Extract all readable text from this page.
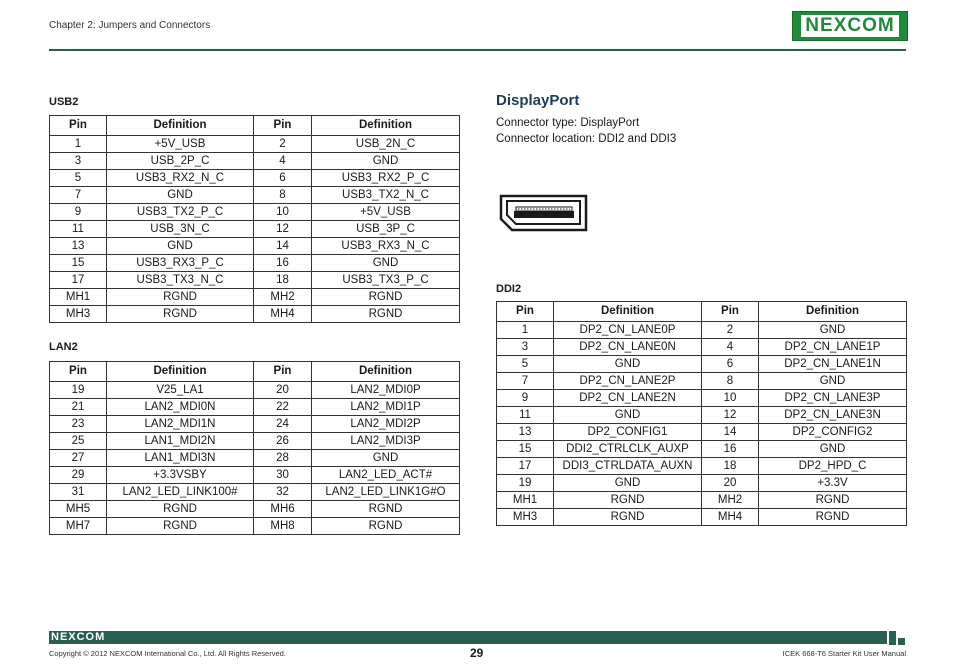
Chapter 2: Jumpers and Connectors	NEXCOM
USB2
Pin	Definition	Pin	Definition
1	+5V_USB	2	USB_2N_C
3	USB_2P_C	4	GND
5	USB3_RX2_N_C	6	USB3_RX2_P_C
7	GND	8	USB3_TX2_N_C
9	USB3_TX2_P_C	10	+5V_USB
11	USB_3N_C	12	USB_3P_C
13	GND	14	USB3_RX3_N_C
15	USB3_RX3_P_C	16	GND
17	USB3_TX3_N_C	18	USB3_TX3_P_C
MH1	RGND	MH2	RGND
MH3	RGND	MH4	RGND
LAN2
Pin	Definition	Pin	Definition
19	V25_LA1	20	LAN2_MDI0P
21	LAN2_MDI0N	22	LAN2_MDI1P
23	LAN2_MDI1N	24	LAN2_MDI2P
25	LAN1_MDI2N	26	LAN2_MDI3P
27	LAN1_MDI3N	28	GND
29	+3.3VSBY	30	LAN2_LED_ACT#
31	LAN2_LED_LINK100#	32	LAN2_LED_LINK1G#O
MH5	RGND	MH6	RGND
MH7	RGND	MH8	RGND
DisplayPort
Connector type: DisplayPort
Connector location: DDI2 and DDI3
DDI2
Pin	Definition	Pin	Definition
1	DP2_CN_LANE0P	2	GND
3	DP2_CN_LANE0N	4	DP2_CN_LANE1P
5	GND	6	DP2_CN_LANE1N
7	DP2_CN_LANE2P	8	GND
9	DP2_CN_LANE2N	10	DP2_CN_LANE3P
11	GND	12	DP2_CN_LANE3N
13	DP2_CONFIG1	14	DP2_CONFIG2
15	DDI2_CTRLCLK_AUXP	16	GND
17	DDI3_CTRLDATA_AUXN	18	DP2_HPD_C
19	GND	20	+3.3V
MH1	RGND	MH2	RGND
MH3	RGND	MH4	RGND
NEXCOM
Copyright © 2012 NEXCOM International Co., Ltd. All Rights Reserved.	29	ICEK 668-T6 Starter Kit User Manual
